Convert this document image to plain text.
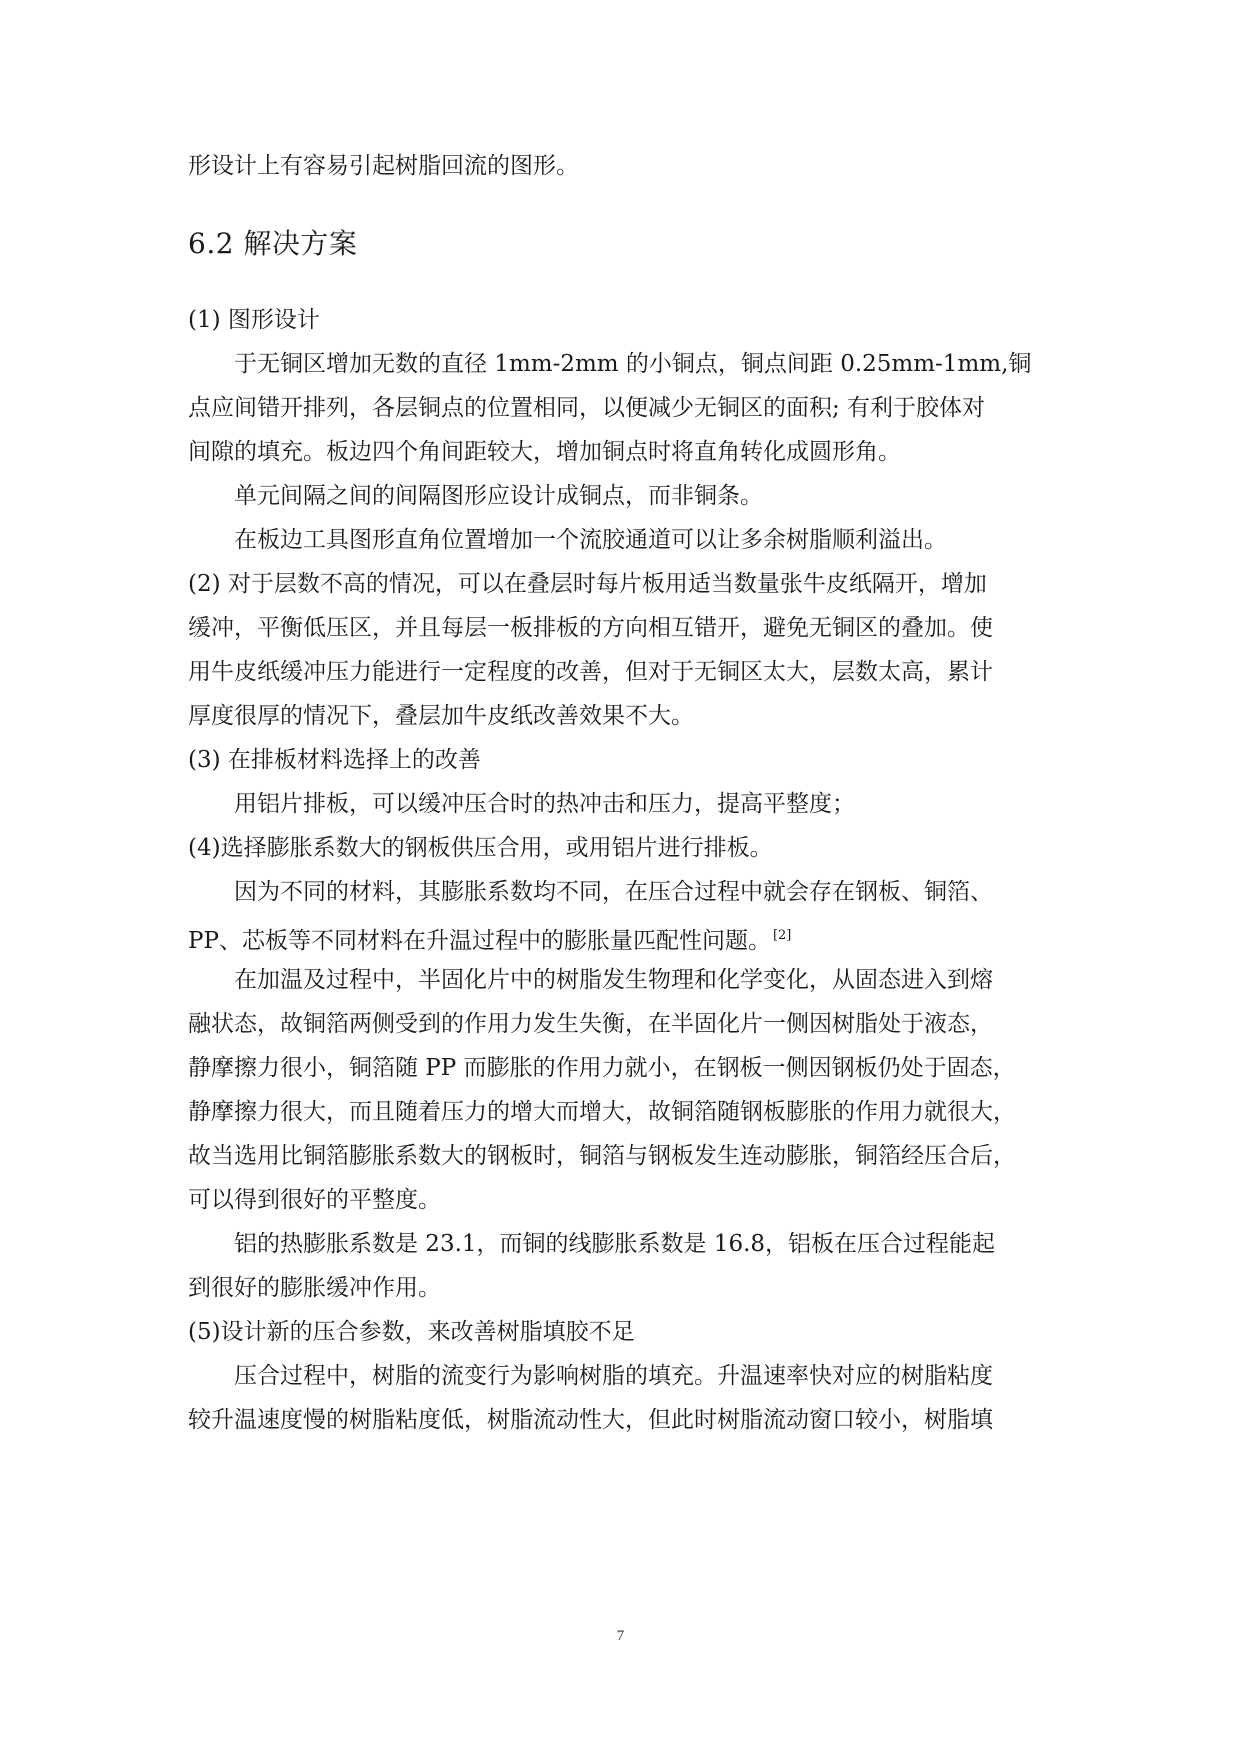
形设计上有容易引起树脂回流的图形。

6.2 解决方案

(1) 图形设计

于无铜区增加无数的直径 1mm-2mm 的小铜点，铜点间距 0.25mm-1mm,铜

点应间错开排列，各层铜点的位置相同，以便减少无铜区的面积; 有利于胶体对

间隙的填充。板边四个角间距较大，增加铜点时将直角转化成圆形角。

单元间隔之间的间隔图形应设计成铜点，而非铜条。

在板边工具图形直角位置增加一个流胶通道可以让多余树脂顺利溢出。

(2) 对于层数不高的情况，可以在叠层时每片板用适当数量张牛皮纸隔开，增加

缓冲，平衡低压区，并且每层一板排板的方向相互错开，避免无铜区的叠加。使

用牛皮纸缓冲压力能进行一定程度的改善，但对于无铜区太大，层数太高，累计

厚度很厚的情况下，叠层加牛皮纸改善效果不大。

(3) 在排板材料选择上的改善

用铝片排板，可以缓冲压合时的热冲击和压力，提高平整度；

(4)选择膨胀系数大的钢板供压合用，或用铝片进行排板。

因为不同的材料，其膨胀系数均不同，在压合过程中就会存在钢板、铜箔、

PP、芯板等不同材料在升温过程中的膨胀量匹配性问题。 [2]

在加温及过程中，半固化片中的树脂发生物理和化学变化，从固态进入到熔

融状态，故铜箔两侧受到的作用力发生失衡，在半固化片一侧因树脂处于液态，

静摩擦力很小，铜箔随 PP 而膨胀的作用力就小，在钢板一侧因钢板仍处于固态，

静摩擦力很大，而且随着压力的增大而增大，故铜箔随钢板膨胀的作用力就很大，

故当选用比铜箔膨胀系数大的钢板时，铜箔与钢板发生连动膨胀，铜箔经压合后，

可以得到很好的平整度。

铝的热膨胀系数是 23.1，而铜的线膨胀系数是 16.8，铝板在压合过程能起

到很好的膨胀缓冲作用。

(5)设计新的压合参数，来改善树脂填胶不足

压合过程中，树脂的流变行为影响树脂的填充。升温速率快对应的树脂粘度

较升温速度慢的树脂粘度低，树脂流动性大，但此时树脂流动窗口较小，树脂填

7
